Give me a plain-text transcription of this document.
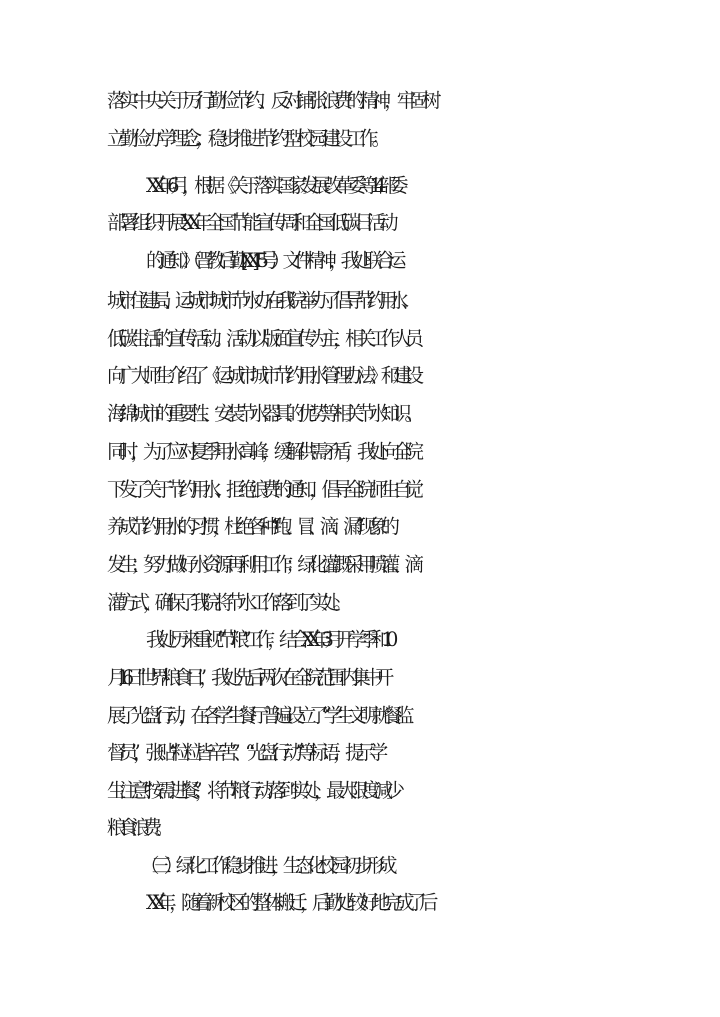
落实中央关于厉行勤俭节约、反对铺张浪费的精神，牢固树
立勤俭办学理念，稳步推进节约型校园建设工作。
XX 年 6 月，根据《关于落实国家发展改革委等 14 部委
部署组织开展 XX 年全国节能宣传周和全国低碳日活动
的通知》（晋教后勤[XX]15 号）文件精神，我处联合运
城市住建局、运城市城市节水办在我院举办了倡导节约用水、
低碳生活的宣传活动。活动以版面宣传为主，相关工作人员
向广大师生介绍了《运城市城市节约用水管理办法》和建设
海绵城市的重要性、安装节水器具的优势等相关节水知识。
同时，为了应对夏季用水高峰，缓解供需矛盾，我处向全院
下发了关于节约用水、拒绝浪费的通知，倡导全院师生自觉
养成节约用水的习惯，杜绝各种“跑、冒、滴、漏”现象的
发生；努力做好水资源再利用工作；绿化灌溉采用喷灌、滴
灌方式，确保了我院将节水工作落到了实处。
我处历来重视“节粮”工作，结合 XX 年 3 月开学季和 10
月 16 日“世界粮食日”，我处先后两次在全院范围内集中开
展了光盘行动，在各学生餐厅普遍设立了“学生文明就餐监
督员”，张贴“粒粒皆辛苦”、“光盘行动”等标语，提示学
生注意“按需进餐”，将节粮行动落到实处，最大限度减少
粮食浪费。
（三）绿化工作稳步推进，生态化校园初步形成
XX 年，随着新校区的整体搬迁，后勤处较好地完成了后
